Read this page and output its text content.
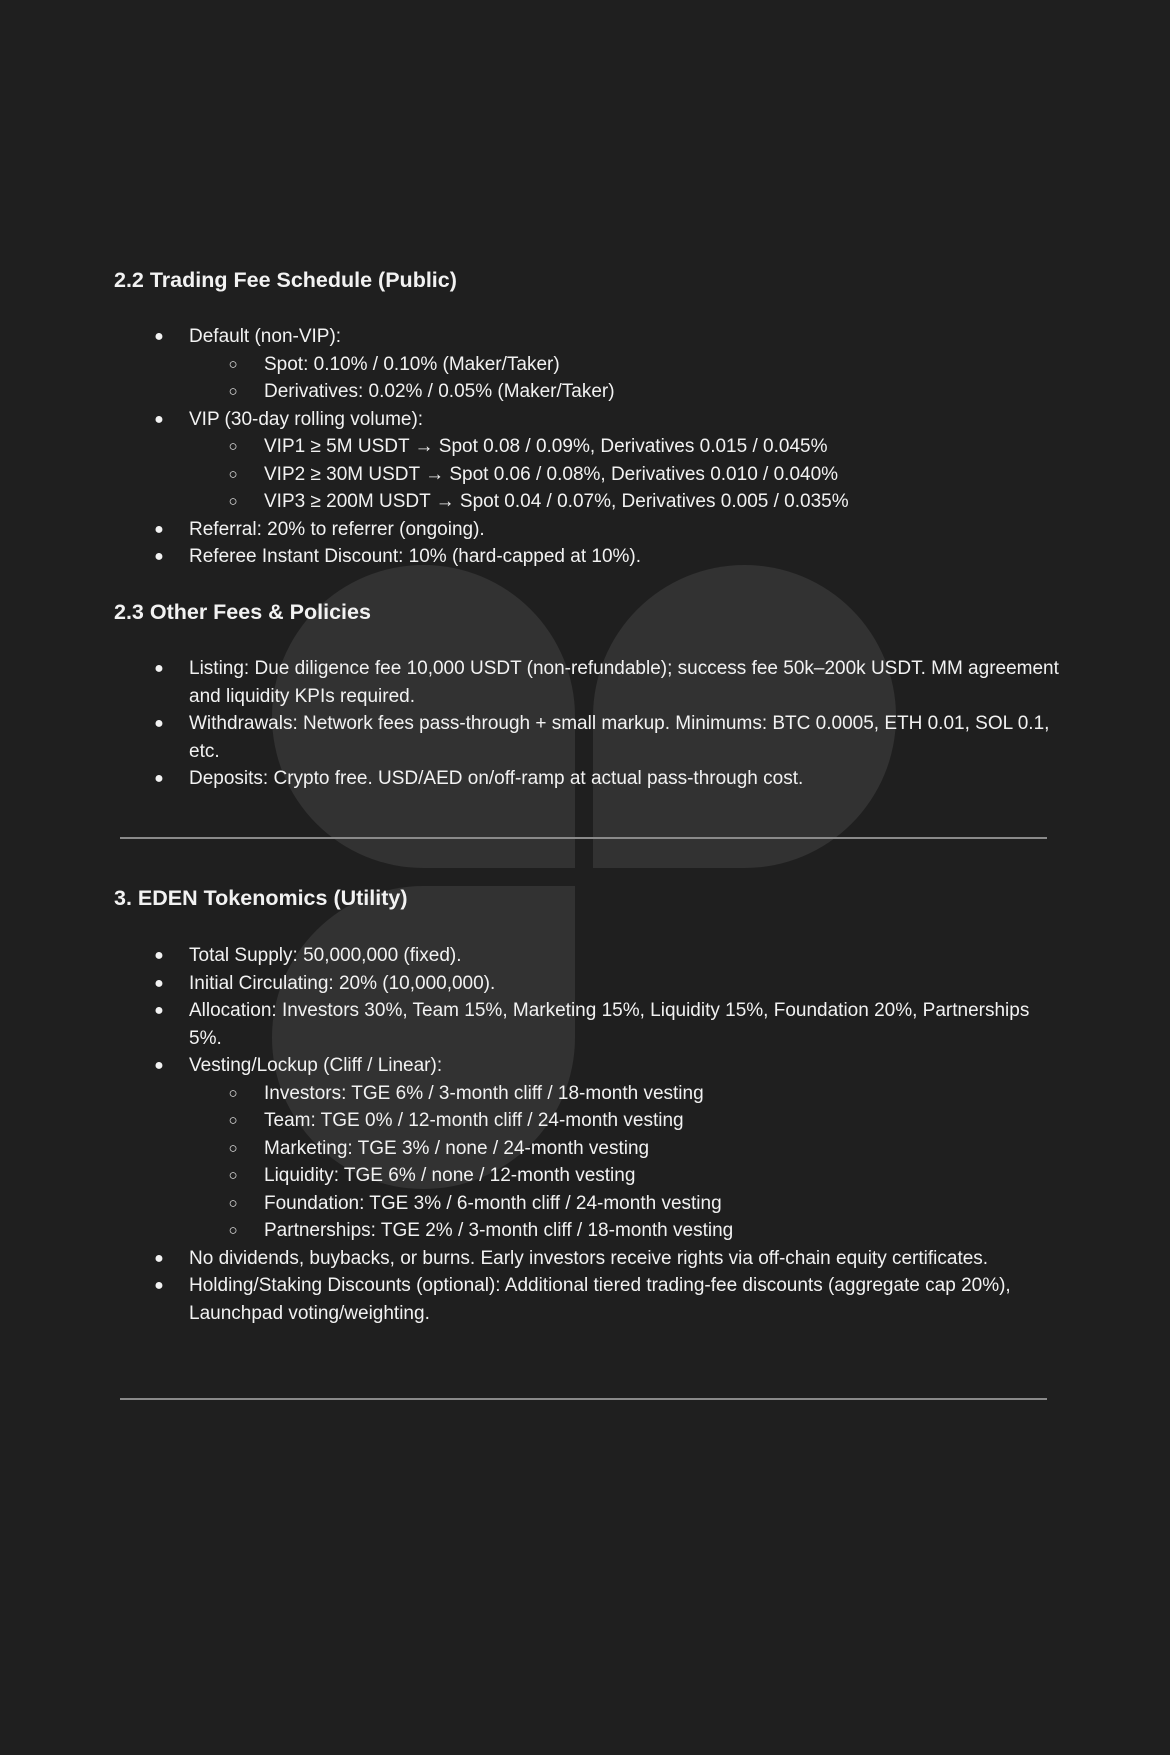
2.2 Trading Fee Schedule (Public)
● Default (non-VIP):
○ Spot: 0.10% / 0.10% (Maker/Taker)
○ Derivatives: 0.02% / 0.05% (Maker/Taker)
● VIP (30-day rolling volume):
○ VIP1 ≥ 5M USDT → Spot 0.08 / 0.09%, Derivatives 0.015 / 0.045%
○ VIP2 ≥ 30M USDT → Spot 0.06 / 0.08%, Derivatives 0.010 / 0.040%
○ VIP3 ≥ 200M USDT → Spot 0.04 / 0.07%, Derivatives 0.005 / 0.035%
● Referral: 20% to referrer (ongoing).
● Referee Instant Discount: 10% (hard-capped at 10%).
2.3 Other Fees & Policies
● Listing: Due diligence fee 10,000 USDT (non-refundable); success fee 50k–200k USDT. MM agreement and liquidity KPIs required.
● Withdrawals: Network fees pass-through + small markup. Minimums: BTC 0.0005, ETH 0.01, SOL 0.1, etc.
● Deposits: Crypto free. USD/AED on/off-ramp at actual pass-through cost.
3. EDEN Tokenomics (Utility)
● Total Supply: 50,000,000 (fixed).
● Initial Circulating: 20% (10,000,000).
● Allocation: Investors 30%, Team 15%, Marketing 15%, Liquidity 15%, Foundation 20%, Partnerships 5%.
● Vesting/Lockup (Cliff / Linear):
○ Investors: TGE 6% / 3-month cliff / 18-month vesting
○ Team: TGE 0% / 12-month cliff / 24-month vesting
○ Marketing: TGE 3% / none / 24-month vesting
○ Liquidity: TGE 6% / none / 12-month vesting
○ Foundation: TGE 3% / 6-month cliff / 24-month vesting
○ Partnerships: TGE 2% / 3-month cliff / 18-month vesting
● No dividends, buybacks, or burns. Early investors receive rights via off-chain equity certificates.
● Holding/Staking Discounts (optional): Additional tiered trading-fee discounts (aggregate cap 20%), Launchpad voting/weighting.
